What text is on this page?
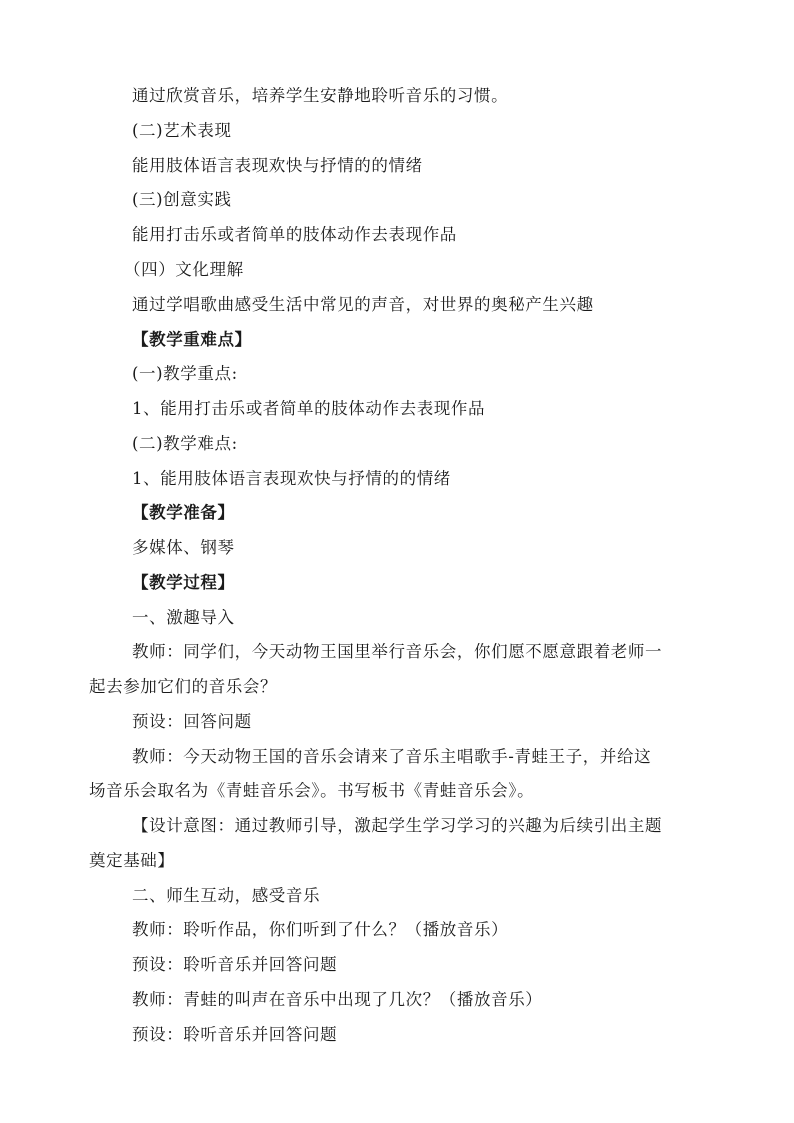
通过欣赏音乐，培养学生安静地聆听音乐的习惯。
(二)艺术表现
能用肢体语言表现欢快与抒情的的情绪
(三)创意实践
能用打击乐或者简单的肢体动作去表现作品
（四）文化理解
通过学唱歌曲感受生活中常见的声音，对世界的奥秘产生兴趣
【教学重难点】
(一)教学重点:
1、能用打击乐或者简单的肢体动作去表现作品
(二)教学难点:
1、能用肢体语言表现欢快与抒情的的情绪
【教学准备】
多媒体、钢琴
【教学过程】
一、激趣导入
教师：同学们，今天动物王国里举行音乐会，你们愿不愿意跟着老师一
起去参加它们的音乐会？
预设：回答问题
教师：今天动物王国的音乐会请来了音乐主唱歌手-青蛙王子，并给这
场音乐会取名为《青蛙音乐会》。书写板书《青蛙音乐会》。
【设计意图：通过教师引导，激起学生学习学习的兴趣为后续引出主题
奠定基础】
二、师生互动，感受音乐
教师：聆听作品，你们听到了什么？（播放音乐）
预设：聆听音乐并回答问题
教师：青蛙的叫声在音乐中出现了几次？（播放音乐）
预设：聆听音乐并回答问题
